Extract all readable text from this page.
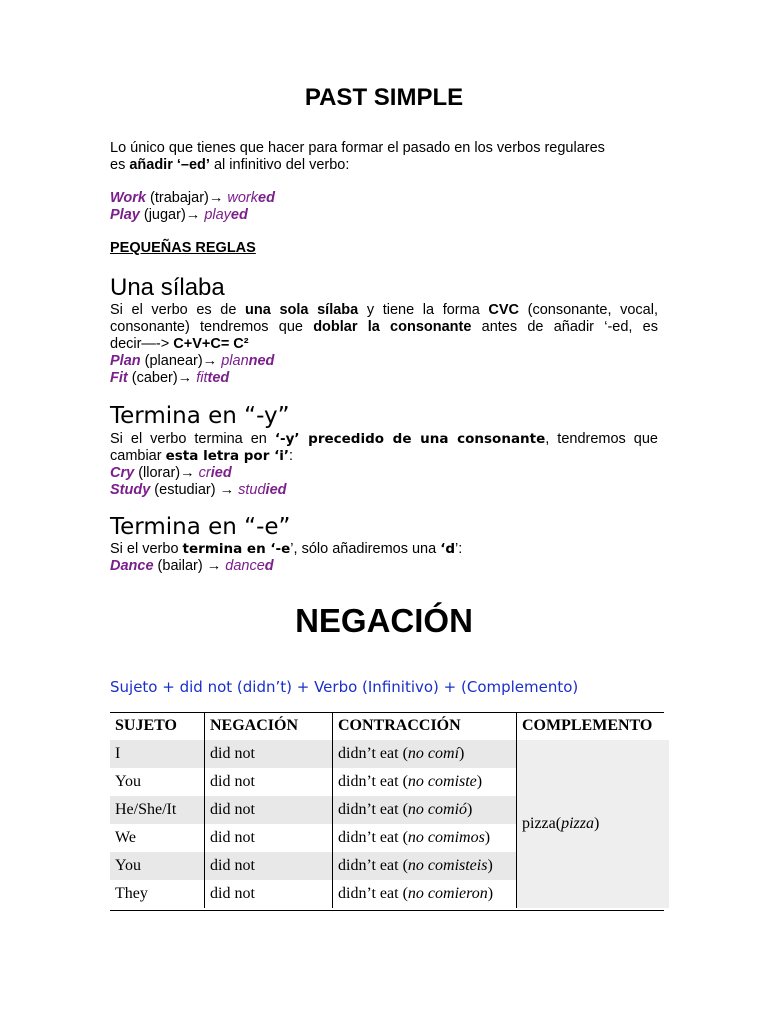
PAST SIMPLE
Lo único que tienes que hacer para formar el pasado en los verbos regulares
es añadir ‘–ed’ al infinitivo del verbo:
Work (trabajar)→ worked
Play (jugar)→ played
PEQUEÑAS REGLAS
Una sílaba
Si el verbo es de una sola sílaba y tiene la forma CVC (consonante, vocal,
consonante) tendremos que doblar la consonante antes de añadir ‘-ed, es
decir—-> C+V+C= C²
Plan (planear)→ planned
Fit (caber)→ fitted
Termina en “-y”
Si el verbo termina en ‘-y’ precedido de una consonante, tendremos que
cambiar esta letra por ‘i’:
Cry (llorar)→ cried
Study (estudiar) → studied
Termina en “-e”
Si el verbo termina en ‘-e’, sólo añadiremos una ‘d’:
Dance (bailar) → danced
NEGACIÓN
Sujeto + did not (didn’t) + Verbo (Infinitivo) + (Complemento)
SUJETO	NEGACIÓN	CONTRACCIÓN	COMPLEMENTO
I	did not	didn’t eat (no comí)	pizza(pizza)
You	did not	didn’t eat (no comiste)	
He/She/It	did not	didn’t eat (no comió)	
We	did not	didn’t eat (no comimos)	
You	did not	didn’t eat (no comisteis)	
They	did not	didn’t eat (no comieron)	
